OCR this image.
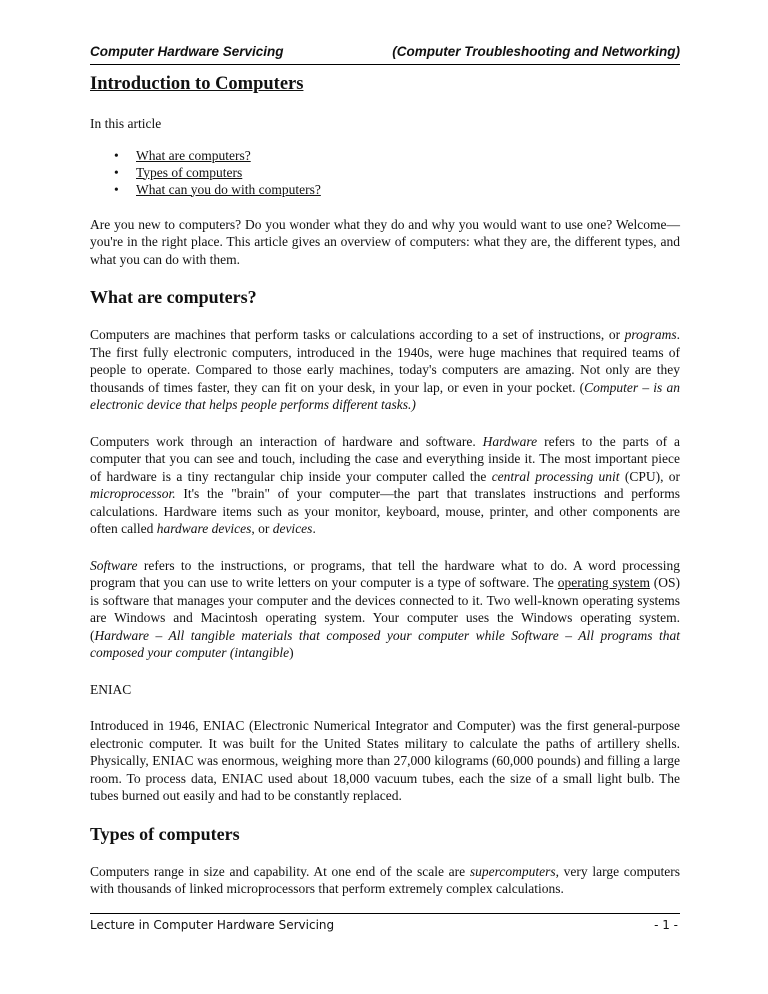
Computer Hardware Servicing	(Computer Troubleshooting and Networking)
Introduction to Computers

In this article

• What are computers?
• Types of computers
• What can you do with computers?

Are you new to computers? Do you wonder what they do and why you would want to use one? Welcome—you're in the right place. This article gives an overview of computers: what they are, the different types, and what you can do with them.

What are computers?

Computers are machines that perform tasks or calculations according to a set of instructions, or programs. The first fully electronic computers, introduced in the 1940s, were huge machines that required teams of people to operate. Compared to those early machines, today's computers are amazing. Not only are they thousands of times faster, they can fit on your desk, in your lap, or even in your pocket. (Computer – is an electronic device that helps people performs different tasks.)

Computers work through an interaction of hardware and software. Hardware refers to the parts of a computer that you can see and touch, including the case and everything inside it. The most important piece of hardware is a tiny rectangular chip inside your computer called the central processing unit (CPU), or microprocessor. It's the "brain" of your computer—the part that translates instructions and performs calculations. Hardware items such as your monitor, keyboard, mouse, printer, and other components are often called hardware devices, or devices.

Software refers to the instructions, or programs, that tell the hardware what to do. A word processing program that you can use to write letters on your computer is a type of software. The operating system (OS) is software that manages your computer and the devices connected to it. Two well-known operating systems are Windows and Macintosh operating system. Your computer uses the Windows operating system. (Hardware – All tangible materials that composed your computer while Software – All programs that composed your computer (intangible)

ENIAC

Introduced in 1946, ENIAC (Electronic Numerical Integrator and Computer) was the first general-purpose electronic computer. It was built for the United States military to calculate the paths of artillery shells. Physically, ENIAC was enormous, weighing more than 27,000 kilograms (60,000 pounds) and filling a large room. To process data, ENIAC used about 18,000 vacuum tubes, each the size of a small light bulb. The tubes burned out easily and had to be constantly replaced.

Types of computers

Computers range in size and capability. At one end of the scale are supercomputers, very large computers with thousands of linked microprocessors that perform extremely complex calculations.

Lecture in Computer Hardware Servicing	- 1 -
